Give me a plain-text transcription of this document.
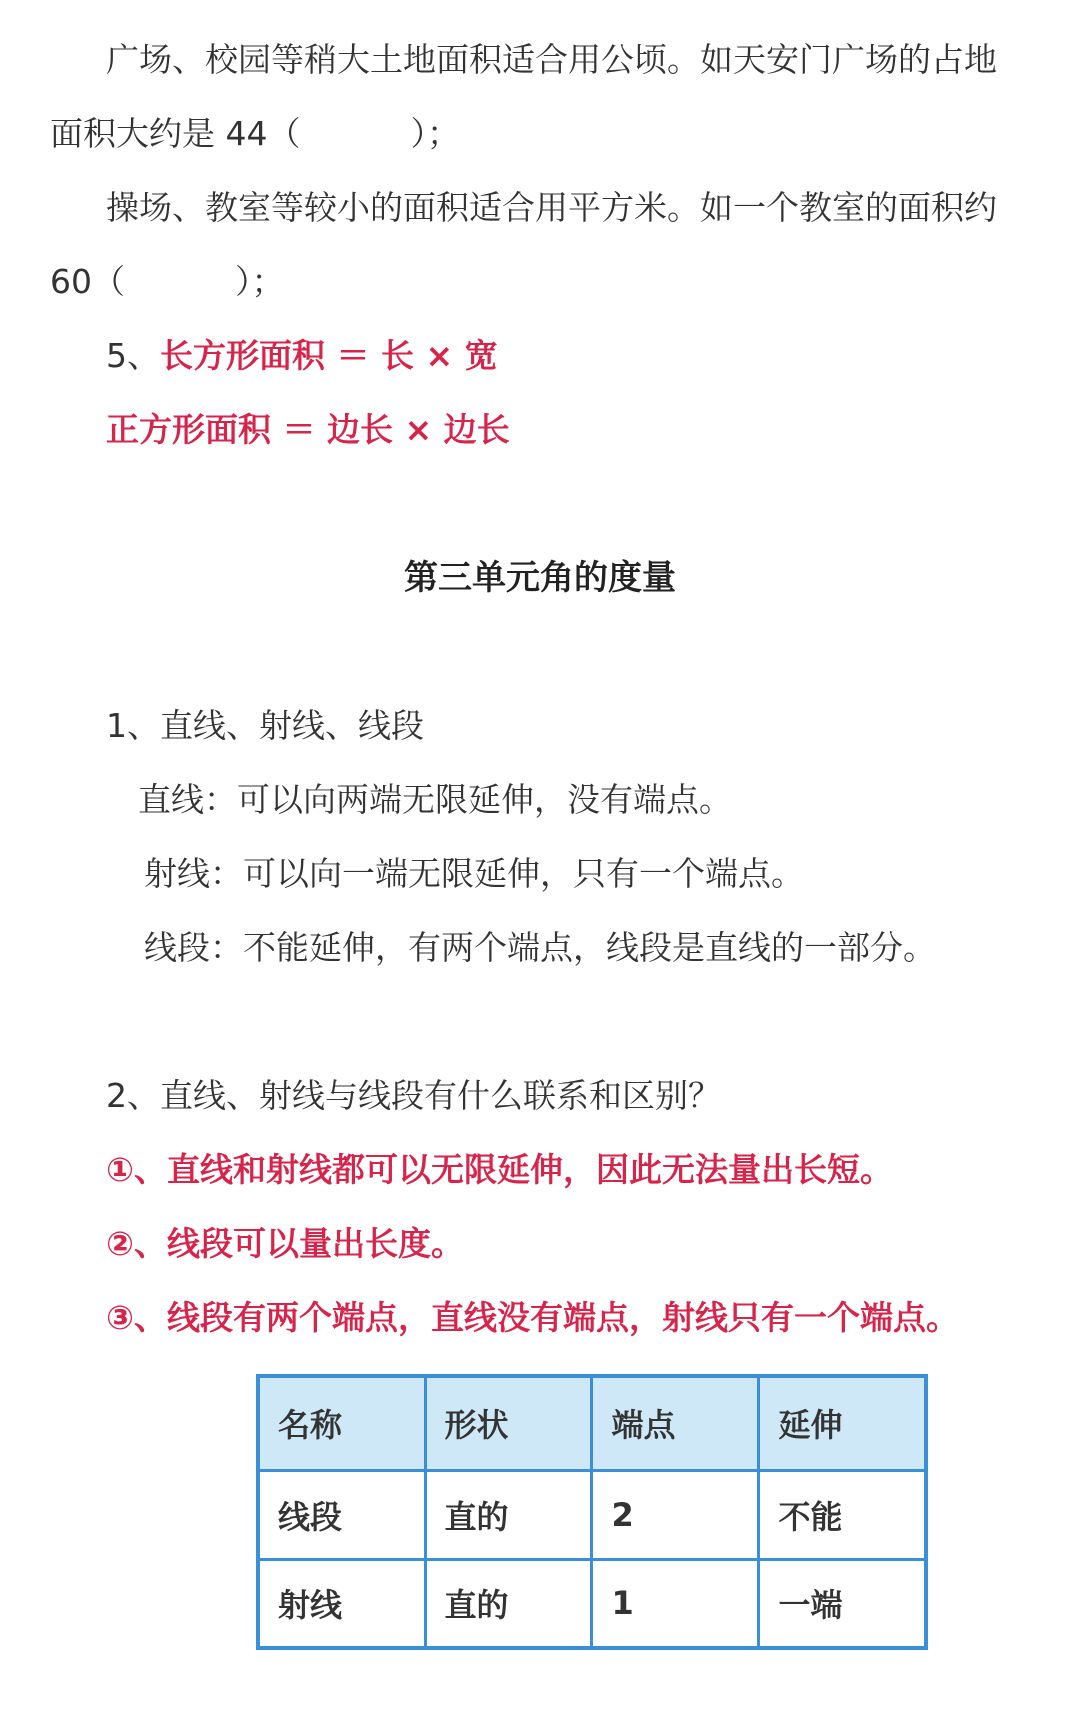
广场、校园等稍大土地面积适合用公顷。如天安门广场的占地
面积大约是 44（	）；
操场、教室等较小的面积适合用平方米。如一个教室的面积约
60（	）；
5、长方形面积 ＝ 长 × 宽
正方形面积 ＝ 边长 × 边长
第三单元角的度量
1、直线、射线、线段
直线：可以向两端无限延伸，没有端点。
射线：可以向一端无限延伸，只有一个端点。
线段：不能延伸，有两个端点，线段是直线的一部分。
2、直线、射线与线段有什么联系和区别？
①、直线和射线都可以无限延伸，因此无法量出长短。
②、线段可以量出长度。
③、线段有两个端点，直线没有端点，射线只有一个端点。
名称	形状	端点	延伸
线段	直的	2	不能
射线	直的	1	一端
